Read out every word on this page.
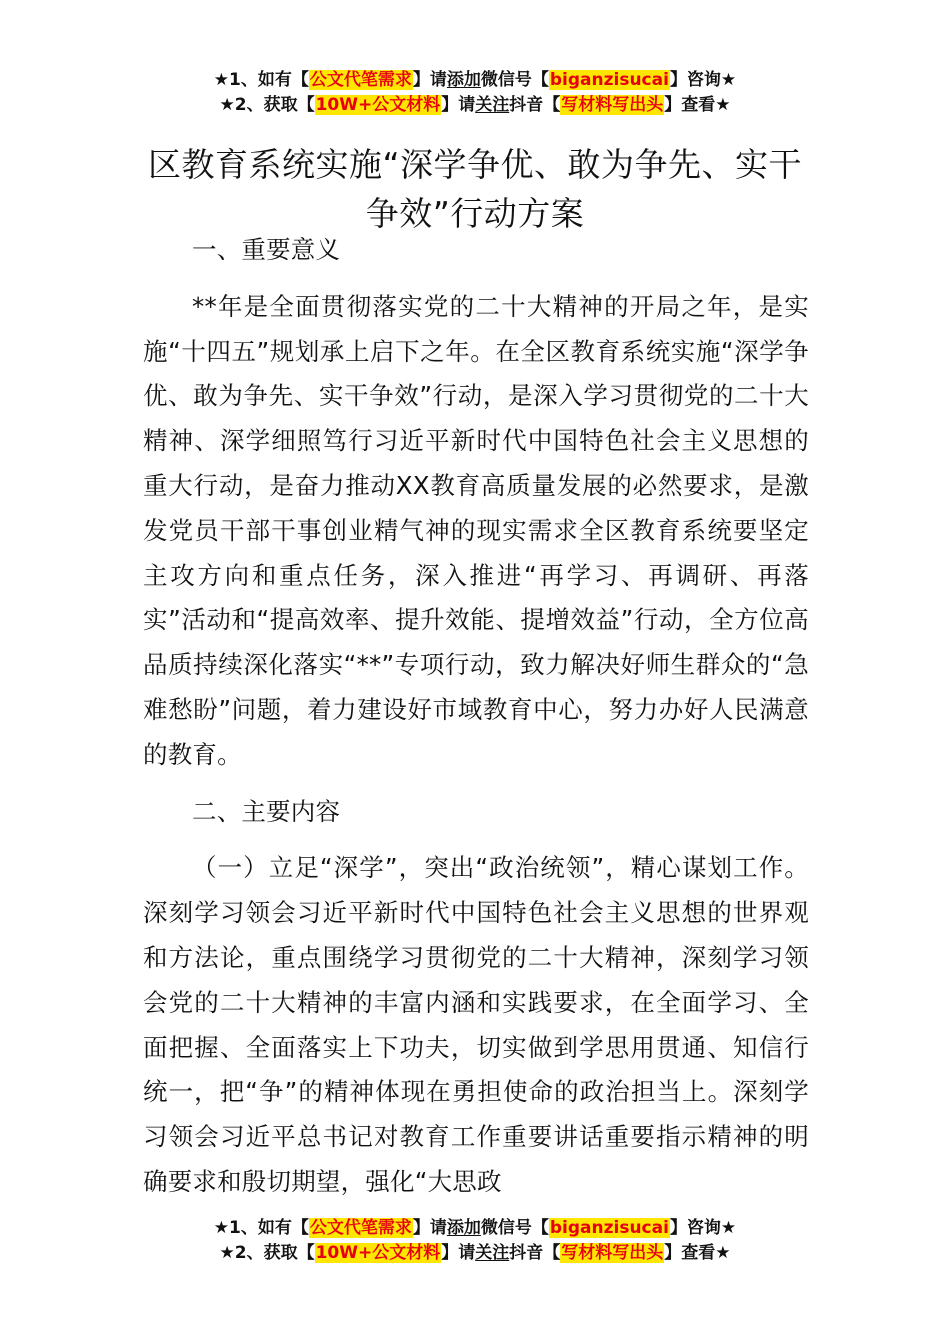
★1、如有【公文代笔需求】请添加微信号【biganzisucai】咨询★
★2、获取【10W+公文材料】请关注抖音【写材料写出头】查看★
区教育系统实施“深学争优、敢为争先、实干争效”行动方案

一、重要意义

**年是全面贯彻落实党的二十大精神的开局之年，是实施“十四五”规划承上启下之年。在全区教育系统实施“深学争优、敢为争先、实干争效”行动，是深入学习贯彻党的二十大精神、深学细照笃行习近平新时代中国特色社会主义思想的重大行动，是奋力推动XX教育高质量发展的必然要求，是激发党员干部干事创业精气神的现实需求全区教育系统要坚定主攻方向和重点任务，深入推进“再学习、再调研、再落实”活动和“提高效率、提升效能、提增效益”行动，全方位高品质持续深化落实“**”专项行动，致力解决好师生群众的“急难愁盼”问题，着力建设好市域教育中心，努力办好人民满意的教育。

二、主要内容

（一）立足“深学”，突出“政治统领”，精心谋划工作。深刻学习领会习近平新时代中国特色社会主义思想的世界观和方法论，重点围绕学习贯彻党的二十大精神，深刻学习领会党的二十大精神的丰富内涵和实践要求，在全面学习、全面把握、全面落实上下功夫，切实做到学思用贯通、知信行统一，把“争”的精神体现在勇担使命的政治担当上。深刻学习领会习近平总书记对教育工作重要讲话重要指示精神的明确要求和殷切期望，强化“大思政

★1、如有【公文代笔需求】请添加微信号【biganzisucai】咨询★
★2、获取【10W+公文材料】请关注抖音【写材料写出头】查看★
